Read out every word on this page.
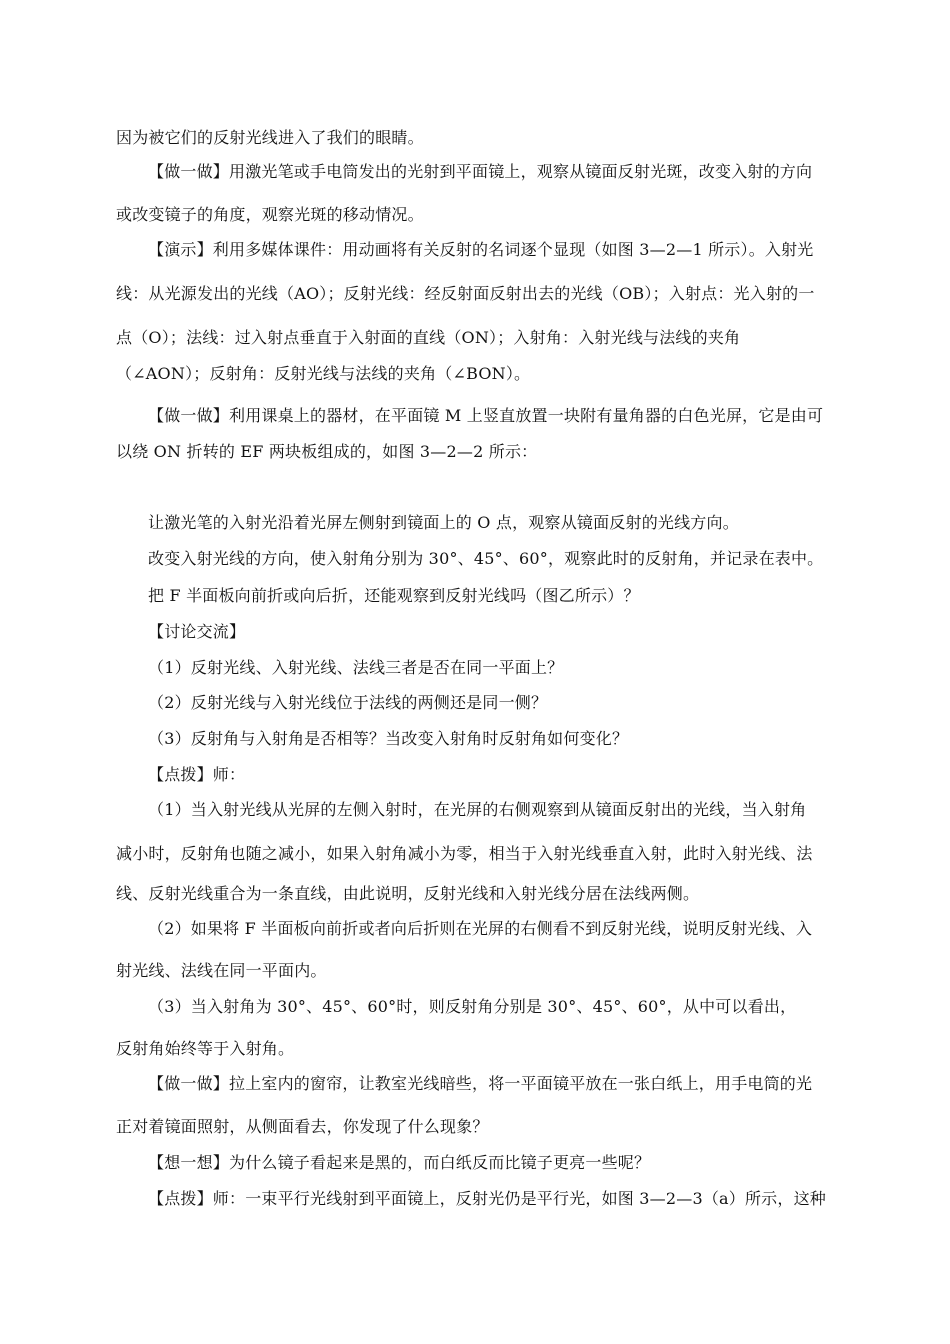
因为被它们的反射光线进入了我们的眼睛。
【做一做】用激光笔或手电筒发出的光射到平面镜上，观察从镜面反射光斑，改变入射的方向
或改变镜子的角度，观察光斑的移动情况。
【演示】利用多媒体课件：用动画将有关反射的名词逐个显现（如图 3—2—1 所示）。入射光
线：从光源发出的光线（AO）；反射光线：经反射面反射出去的光线（OB）；入射点：光入射的一
点（O）；法线：过入射点垂直于入射面的直线（ON）；入射角：入射光线与法线的夹角
（∠AON）；反射角：反射光线与法线的夹角（∠BON）。
【做一做】利用课桌上的器材，在平面镜 M 上竖直放置一块附有量角器的白色光屏，它是由可
以绕 ON 折转的 EF 两块板组成的，如图 3—2—2 所示：
让激光笔的入射光沿着光屏左侧射到镜面上的 O 点，观察从镜面反射的光线方向。
改变入射光线的方向，使入射角分别为 30°、45°、60°，观察此时的反射角，并记录在表中。
把 F 半面板向前折或向后折，还能观察到反射光线吗（图乙所示）？
【讨论交流】
（1）反射光线、入射光线、法线三者是否在同一平面上？
（2）反射光线与入射光线位于法线的两侧还是同一侧？
（3）反射角与入射角是否相等？当改变入射角时反射角如何变化？
【点拨】师：
（1）当入射光线从光屏的左侧入射时，在光屏的右侧观察到从镜面反射出的光线，当入射角
减小时，反射角也随之减小，如果入射角减小为零，相当于入射光线垂直入射，此时入射光线、法
线、反射光线重合为一条直线，由此说明，反射光线和入射光线分居在法线两侧。
（2）如果将 F 半面板向前折或者向后折则在光屏的右侧看不到反射光线，说明反射光线、入
射光线、法线在同一平面内。
（3）当入射角为 30°、45°、60°时，则反射角分别是 30°、45°、60°，从中可以看出，
反射角始终等于入射角。
【做一做】拉上室内的窗帘，让教室光线暗些，将一平面镜平放在一张白纸上，用手电筒的光
正对着镜面照射，从侧面看去，你发现了什么现象？
【想一想】为什么镜子看起来是黑的，而白纸反而比镜子更亮一些呢？
【点拨】师：一束平行光线射到平面镜上，反射光仍是平行光，如图 3—2—3（a）所示，这种
